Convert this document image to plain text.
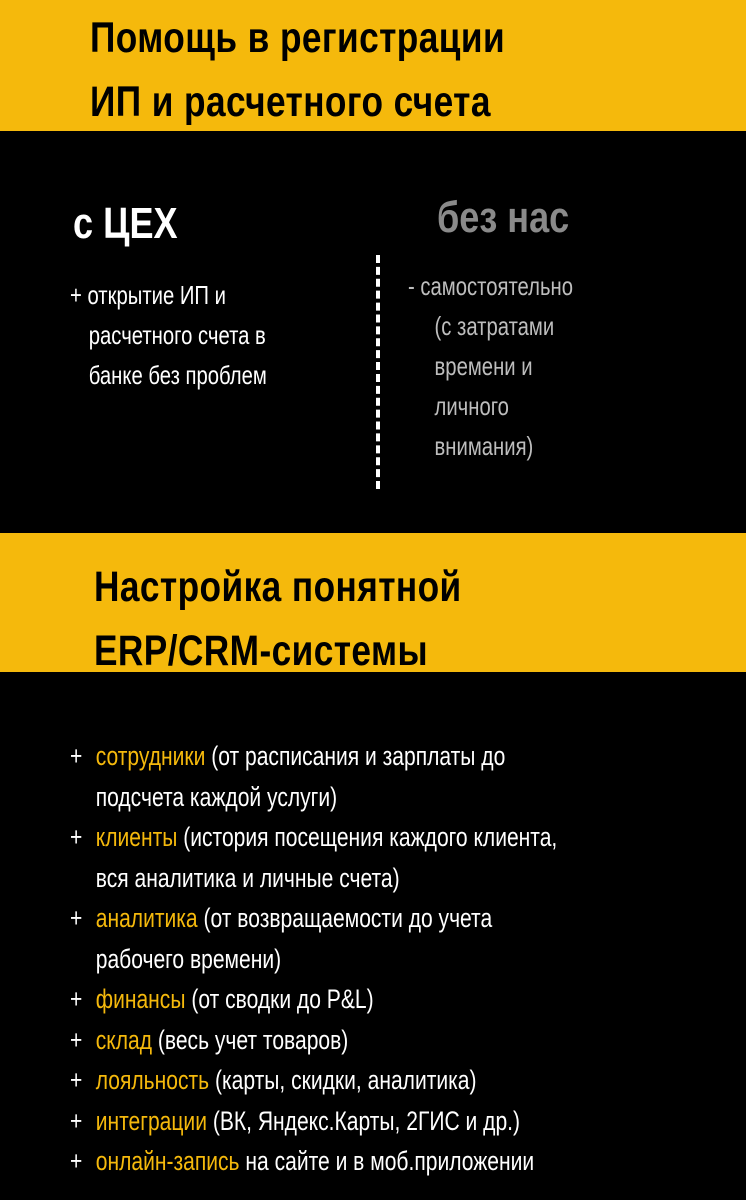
Помощь в регистрации
ИП и расчетного счета
с ЦЕХ	без нас
+ открытие ИП и
расчетного счета в
банке без проблем
- самостоятельно
(с затратами
времени и
личного
внимания)
Настройка понятной
ERP/CRM-системы
+ сотрудники (от расписания и зарплаты до
подсчета каждой услуги)
+ клиенты (история посещения каждого клиента,
вся аналитика и личные счета)
+ аналитика (от возвращаемости до учета
рабочего времени)
+ финансы (от сводки до P&L)
+ склад (весь учет товаров)
+ лояльность (карты, скидки, аналитика)
+ интеграции (ВК, Яндекс.Карты, 2ГИС и др.)
+ онлайн-запись на сайте и в моб.приложении
